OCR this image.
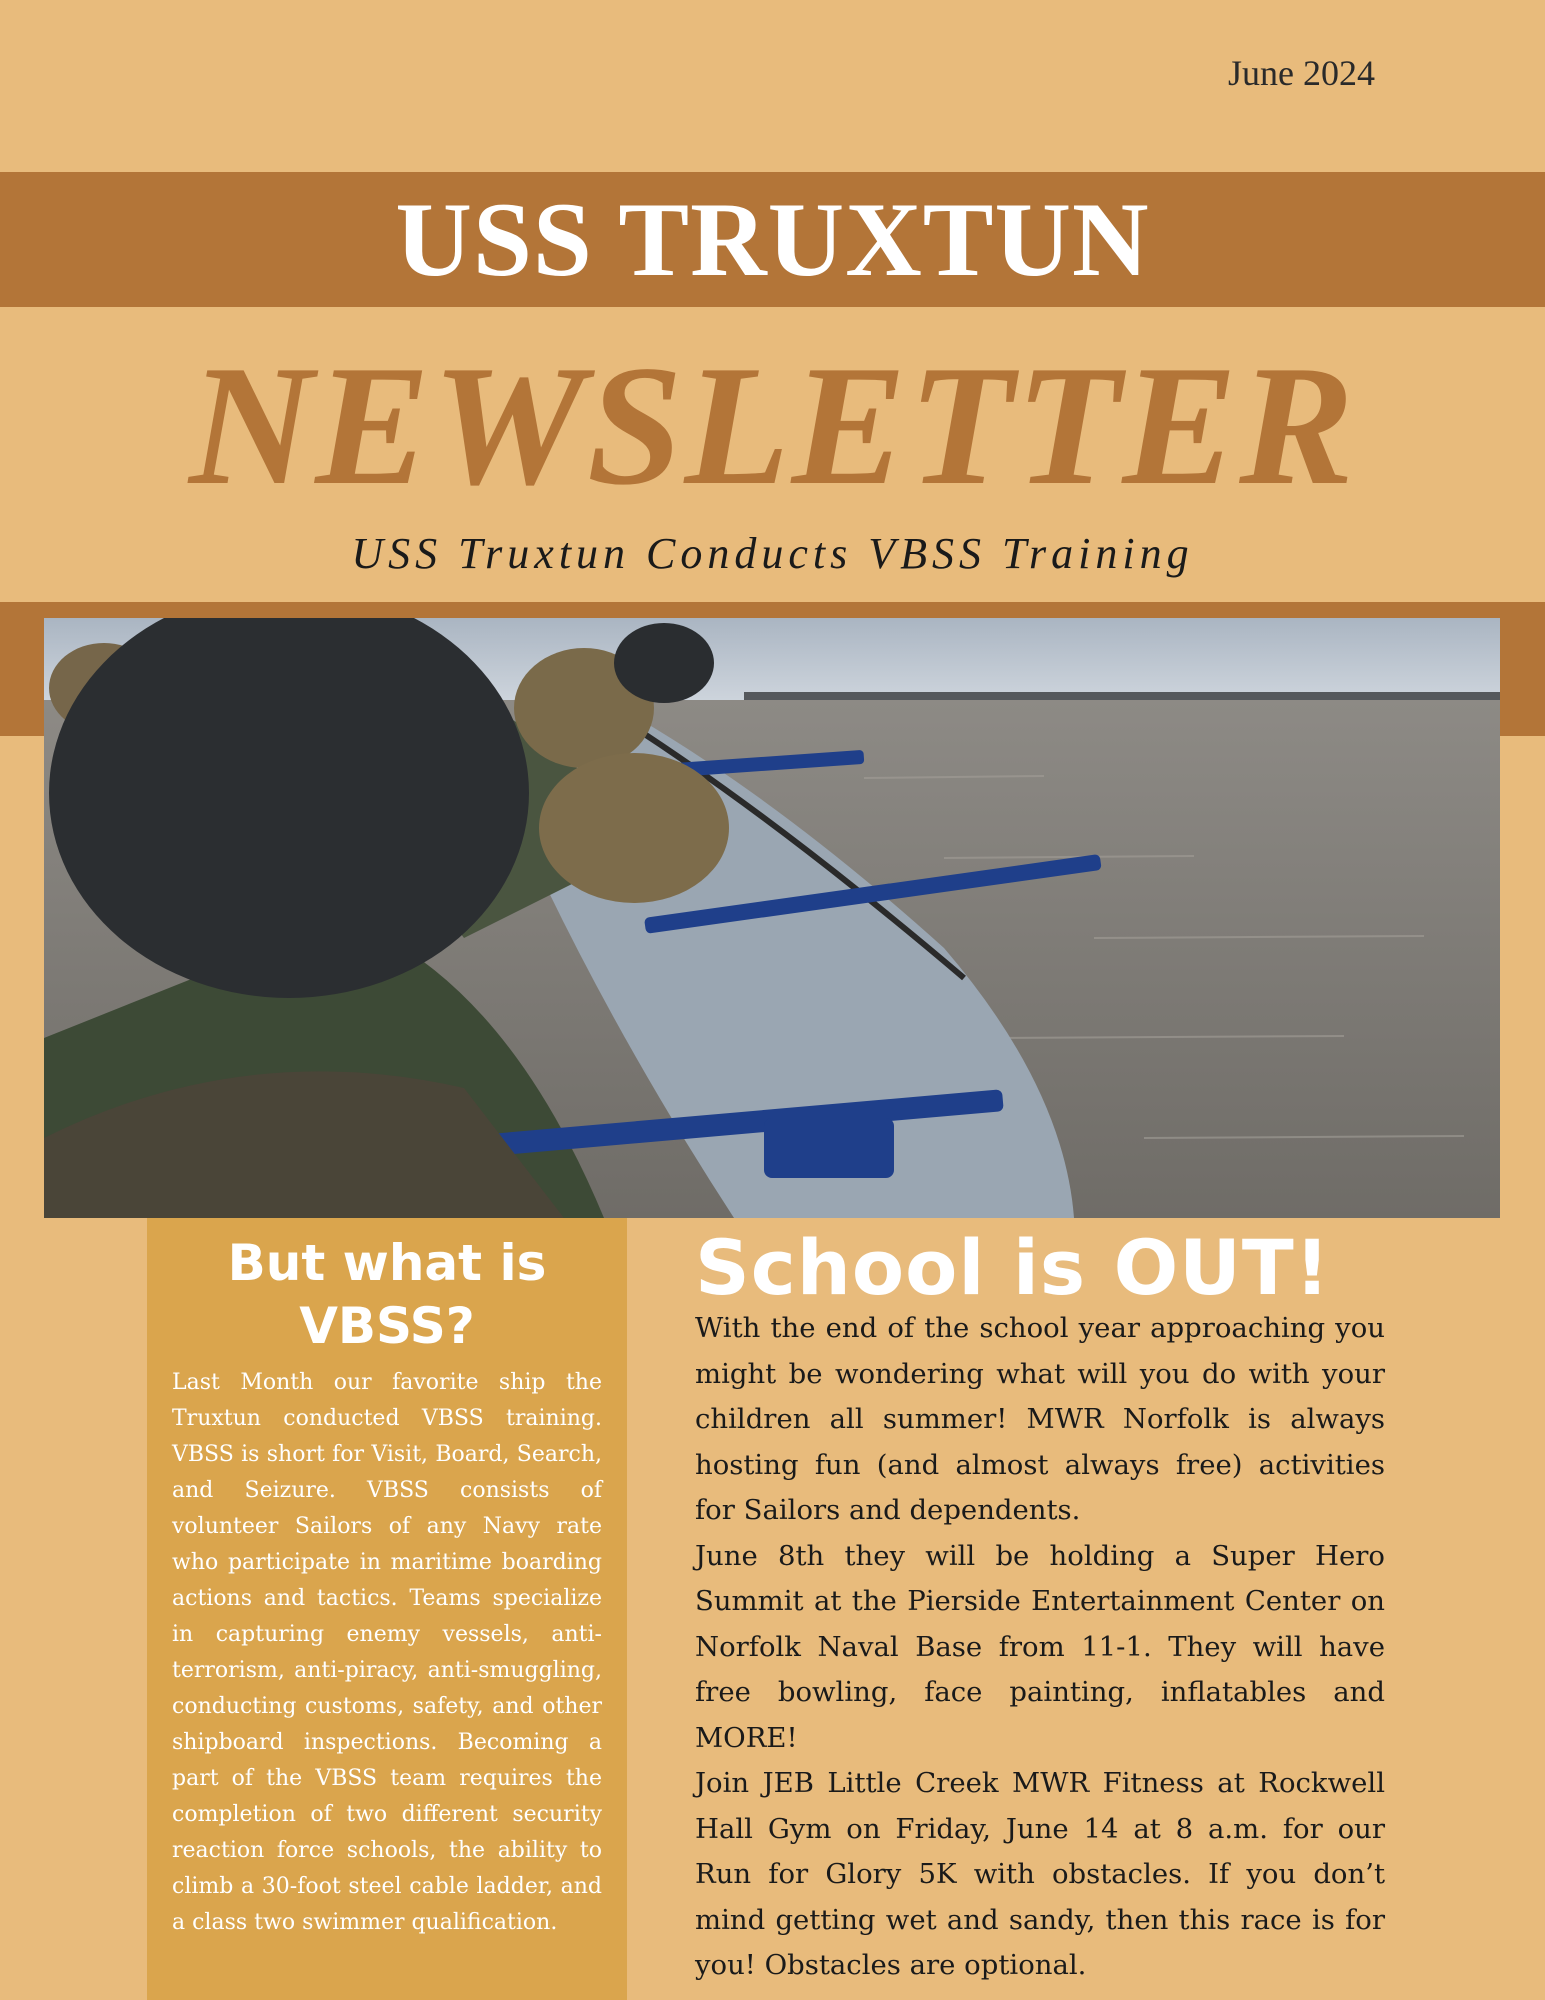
June 2024
USS TRUXTUN
NEWSLETTER
USS Truxtun Conducts VBSS Training
But what is VBSS?

Last Month our favorite ship the Truxtun conducted VBSS training. VBSS is short for Visit, Board, Search, and Seizure. VBSS consists of volunteer Sailors of any Navy rate who participate in maritime boarding actions and tactics. Teams specialize in capturing enemy vessels, anti-terrorism, anti-piracy, anti-smuggling, conducting customs, safety, and other shipboard inspections. Becoming a part of the VBSS team requires the completion of two different security reaction force schools, the ability to climb a 30-foot steel cable ladder, and a class two swimmer qualification.

School is OUT!

With the end of the school year approaching you might be wondering what will you do with your children all summer! MWR Norfolk is always hosting fun (and almost always free) activities for Sailors and dependents.

June 8th they will be holding a Super Hero Summit at the Pierside Entertainment Center on Norfolk Naval Base from 11-1. They will have free bowling, face painting, inflatables and MORE!

Join JEB Little Creek MWR Fitness at Rockwell Hall Gym on Friday, June 14 at 8 a.m. for our Run for Glory 5K with obstacles. If you don’t mind getting wet and sandy, then this race is for you! Obstacles are optional.
